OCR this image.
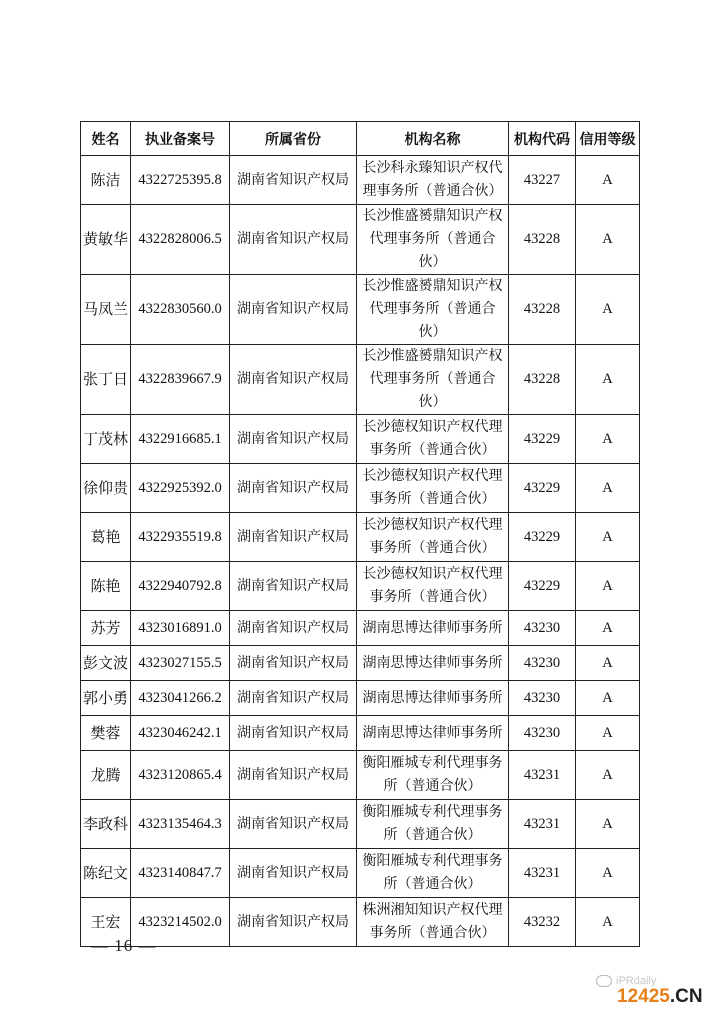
姓名	执业备案号	所属省份	机构名称	机构代码	信用等级
陈洁	4322725395.8	湖南省知识产权局	长沙科永臻知识产权代理事务所（普通合伙）	43227	A
黄敏华	4322828006.5	湖南省知识产权局	长沙惟盛赟鼎知识产权代理事务所（普通合伙）	43228	A
马凤兰	4322830560.0	湖南省知识产权局	长沙惟盛赟鼎知识产权代理事务所（普通合伙）	43228	A
张丁日	4322839667.9	湖南省知识产权局	长沙惟盛赟鼎知识产权代理事务所（普通合伙）	43228	A
丁茂林	4322916685.1	湖南省知识产权局	长沙德权知识产权代理事务所（普通合伙）	43229	A
徐仰贵	4322925392.0	湖南省知识产权局	长沙德权知识产权代理事务所（普通合伙）	43229	A
葛艳	4322935519.8	湖南省知识产权局	长沙德权知识产权代理事务所（普通合伙）	43229	A
陈艳	4322940792.8	湖南省知识产权局	长沙德权知识产权代理事务所（普通合伙）	43229	A
苏芳	4323016891.0	湖南省知识产权局	湖南思博达律师事务所	43230	A
彭文波	4323027155.5	湖南省知识产权局	湖南思博达律师事务所	43230	A
郭小勇	4323041266.2	湖南省知识产权局	湖南思博达律师事务所	43230	A
樊蓉	4323046242.1	湖南省知识产权局	湖南思博达律师事务所	43230	A
龙腾	4323120865.4	湖南省知识产权局	衡阳雁城专利代理事务所（普通合伙）	43231	A
李政科	4323135464.3	湖南省知识产权局	衡阳雁城专利代理事务所（普通合伙）	43231	A
陈纪文	4323140847.7	湖南省知识产权局	衡阳雁城专利代理事务所（普通合伙）	43231	A
王宏	4323214502.0	湖南省知识产权局	株洲湘知知识产权代理事务所（普通合伙）	43232	A
— 16 —
iPRdaily
12425.CN
